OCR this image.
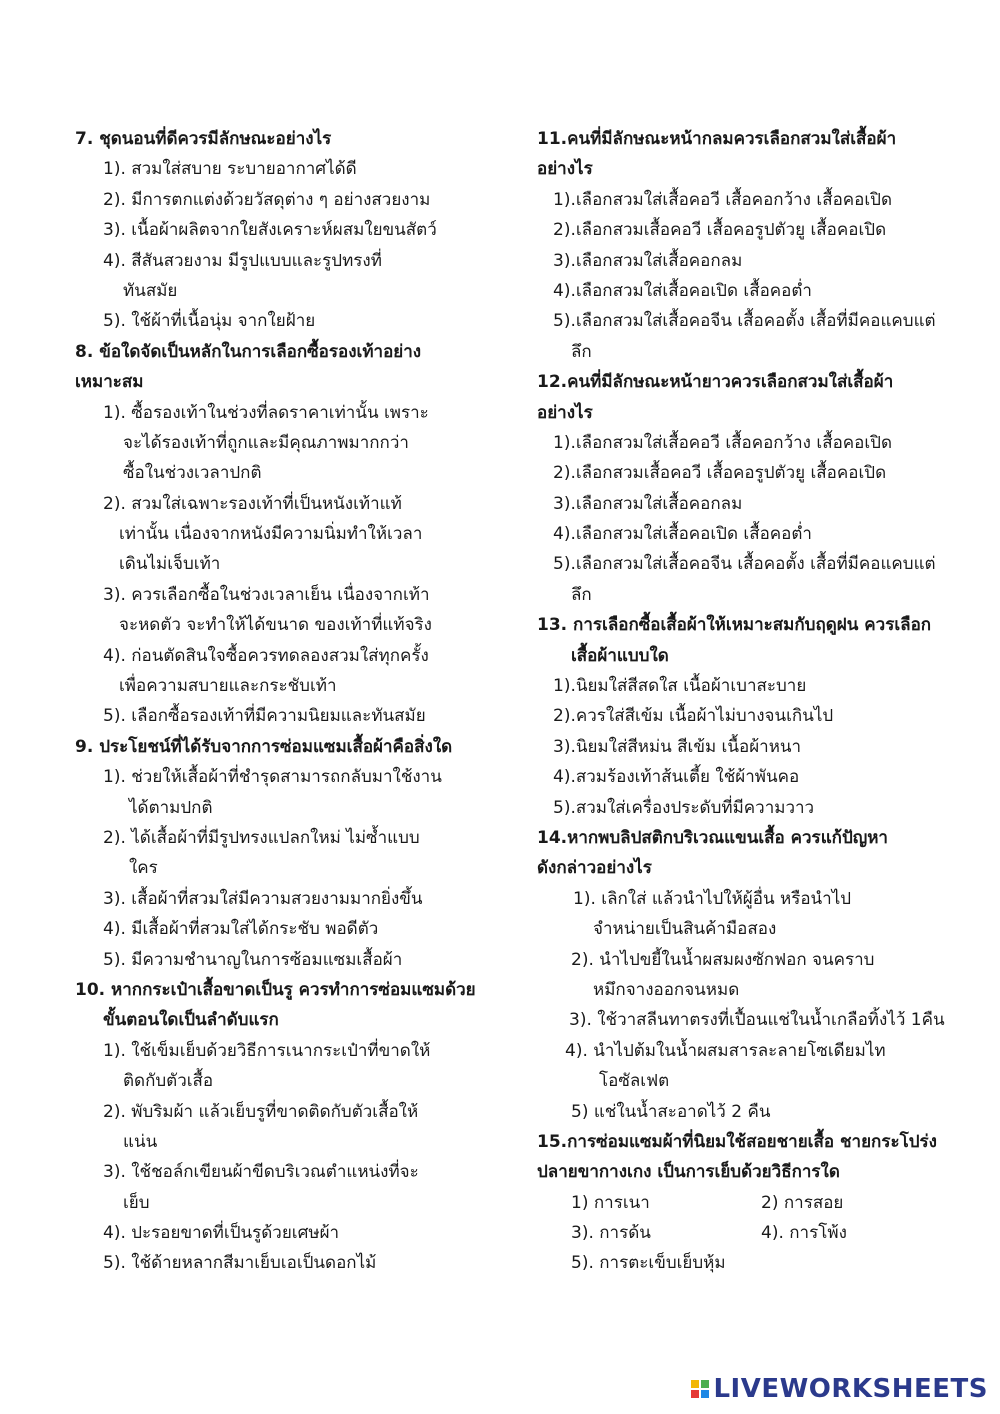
7. ชุดนอนที่ดีควรมีลักษณะอย่างไร
1). สวมใส่สบาย ระบายอากาศได้ดี
2). มีการตกแต่งด้วยวัสดุต่าง ๆ อย่างสวยงาม
3). เนื้อผ้าผลิตจากใยสังเคราะห์ผสมใยขนสัตว์
4). สีสันสวยงาม มีรูปแบบและรูปทรงที่
ทันสมัย
5). ใช้ผ้าที่เนื้อนุ่ม จากใยฝ้าย
8. ข้อใดจัดเป็นหลักในการเลือกซื้อรองเท้าอย่าง
เหมาะสม
1). ซื้อรองเท้าในช่วงที่ลดราคาเท่านั้น เพราะ
จะได้รองเท้าที่ถูกและมีคุณภาพมากกว่า
ซื้อในช่วงเวลาปกติ
2). สวมใส่เฉพาะรองเท้าที่เป็นหนังเท้าแท้
เท่านั้น เนื่องจากหนังมีความนิ่มทำให้เวลา
เดินไม่เจ็บเท้า
3). ควรเลือกซื้อในช่วงเวลาเย็น เนื่องจากเท้า
จะหดตัว จะทำให้ได้ขนาด ของเท้าที่แท้จริง
4). ก่อนตัดสินใจซื้อควรทดลองสวมใส่ทุกครั้ง
เพื่อความสบายและกระชับเท้า
5). เลือกซื้อรองเท้าที่มีความนิยมและทันสมัย
9. ประโยชน์ที่ได้รับจากการซ่อมแซมเสื้อผ้าคือสิ่งใด
1). ช่วยให้เสื้อผ้าที่ชำรุดสามารถกลับมาใช้งาน
ได้ตามปกติ
2). ได้เสื้อผ้าที่มีรูปทรงแปลกใหม่ ไม่ซ้ำแบบ
ใคร
3). เสื้อผ้าที่สวมใส่มีความสวยงามมากยิ่งขึ้น
4). มีเสื้อผ้าที่สวมใส่ได้กระชับ พอดีตัว
5). มีความชำนาญในการซ้อมแซมเสื้อผ้า
10. หากกระเป๋าเสื้อขาดเป็นรู ควรทำการซ่อมแซมด้วย
ขั้นตอนใดเป็นลำดับแรก
1). ใช้เข็มเย็บด้วยวิธีการเนากระเป๋าที่ขาดให้
ติดกับตัวเสื้อ
2). พับริมผ้า แล้วเย็บรูที่ขาดติดกับตัวเสื้อให้
แน่น
3). ใช้ชอล์กเขียนผ้าขีดบริเวณตำแหน่งที่จะ
เย็บ
4). ปะรอยขาดที่เป็นรูด้วยเศษผ้า
5). ใช้ด้ายหลากสีมาเย็บเอเป็นดอกไม้
11.คนที่มีลักษณะหน้ากลมควรเลือกสวมใส่เสื้อผ้า
อย่างไร
1).เลือกสวมใส่เสื้อคอวี เสื้อคอกว้าง เสื้อคอเปิด
2).เลือกสวมเสื้อคอวี เสื้อคอรูปตัวยู เสื้อคอเปิด
3).เลือกสวมใส่เสื้อคอกลม
4).เลือกสวมใส่เสื้อคอเปิด เสื้อคอต่ำ
5).เลือกสวมใส่เสื้อคอจีน เสื้อคอตั้ง เสื้อที่มีคอแคบแต่
ลึก
12.คนที่มีลักษณะหน้ายาวควรเลือกสวมใส่เสื้อผ้า
อย่างไร
1).เลือกสวมใส่เสื้อคอวี เสื้อคอกว้าง เสื้อคอเปิด
2).เลือกสวมเสื้อคอวี เสื้อคอรูปตัวยู เสื้อคอเปิด
3).เลือกสวมใส่เสื้อคอกลม
4).เลือกสวมใส่เสื้อคอเปิด เสื้อคอต่ำ
5).เลือกสวมใส่เสื้อคอจีน เสื้อคอตั้ง เสื้อที่มีคอแคบแต่
ลึก
13. การเลือกซื้อเสื้อผ้าให้เหมาะสมกับฤดูฝน ควรเลือก
เสื้อผ้าแบบใด
1).นิยมใส่สีสดใส เนื้อผ้าเบาสะบาย
2).ควรใส่สีเข้ม เนื้อผ้าไม่บางจนเกินไป
3).นิยมใส่สีหม่น สีเข้ม เนื้อผ้าหนา
4).สวมร้องเท้าส้นเตี้ย ใช้ผ้าพันคอ
5).สวมใส่เครื่องประดับที่มีความวาว
14.หากพบลิปสติกบริเวณแขนเสื้อ ควรแก้ปัญหา
ดังกล่าวอย่างไร
1). เลิกใส่ แล้วนำไปให้ผู้อื่น หรือนำไป
จำหน่ายเป็นสินค้ามือสอง
2). นำไปขยี้ในน้ำผสมผงซักฟอก จนคราบ
หมึกจางออกจนหมด
3). ใช้วาสลีนทาตรงที่เปื้อนแช่ในน้ำเกลือทิ้งไว้ 1คืน
4). นำไปต้มในน้ำผสมสารละลายโซเดียมไท
โอซัลเฟต
5) แช่ในน้ำสะอาดไว้ 2 คืน
15.การซ่อมแซมผ้าที่นิยมใช้สอยชายเสื้อ ชายกระโปร่ง
ปลายขากางเกง เป็นการเย็บด้วยวิธีการใด
1) การเนา	2) การสอย
3). การด้น	4). การโพ้ง
5). การตะเข็บเย็บหุ้ม
LIVEWORKSHEETS
